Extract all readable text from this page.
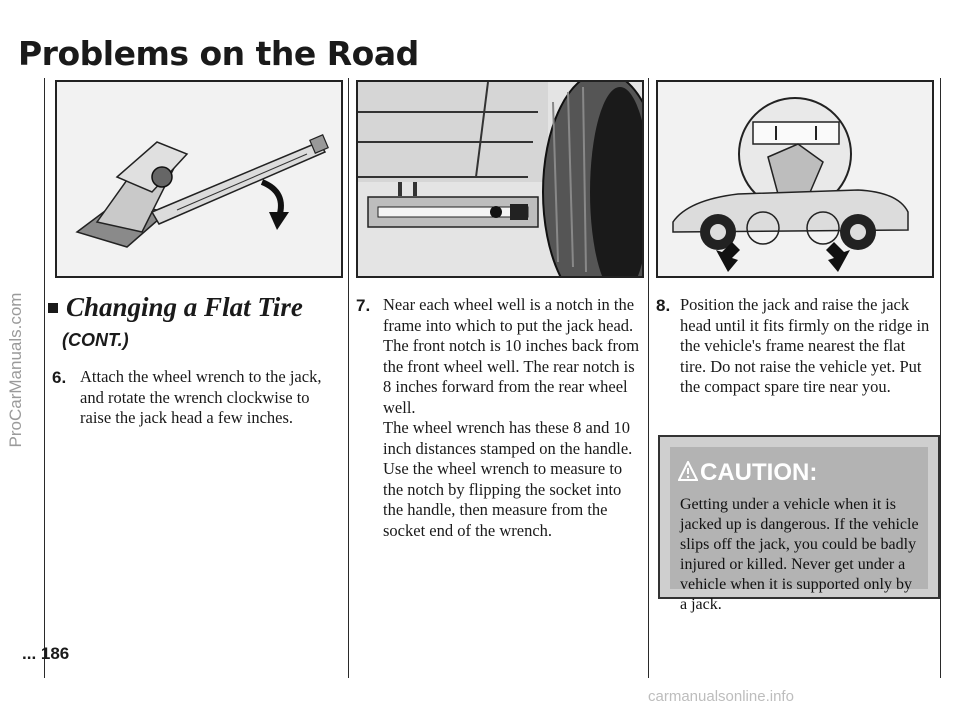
ProCarManuals.com
Problems on the Road
Changing a Flat Tire
(CONT.)
6. Attach the wheel wrench to the jack, and rotate the wrench clockwise to raise the jack head a few inches.
7. Near each wheel well is a notch in the frame into which to put the jack head. The front notch is 10 inches back from the front wheel well. The rear notch is 8 inches forward from the rear wheel well.
The wheel wrench has these 8 and 10 inch distances stamped on the handle. Use the wheel wrench to measure to the notch by flipping the socket into the handle, then measure from the socket end of the wrench.
8. Position the jack and raise the jack head until it fits firmly on the ridge in the vehicle's frame nearest the flat tire. Do not raise the vehicle yet. Put the compact spare tire near you.
CAUTION:
Getting under a vehicle when it is jacked up is dangerous. If the vehicle slips off the jack, you could be badly injured or killed. Never get under a vehicle when it is supported only by a jack.
... 186
carmanualsonline.info
